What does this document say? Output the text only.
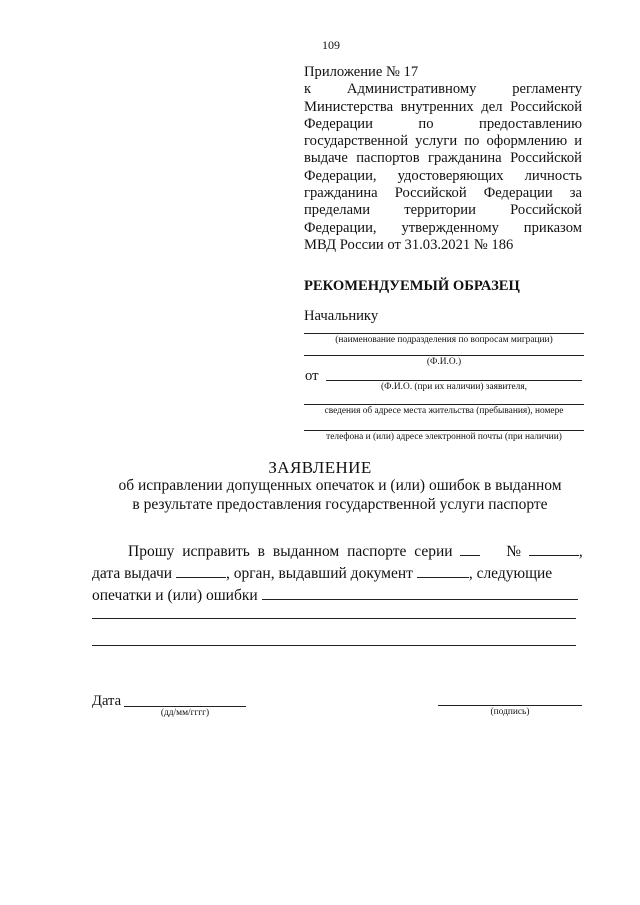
109
Приложение № 17
к Административному регламенту
Министерства внутренних дел Российской
Федерации по предоставлению
государственной услуги по оформлению и
выдаче паспортов гражданина Российской
Федерации, удостоверяющих личность
гражданина Российской Федерации за
пределами территории Российской
Федерации, утвержденному приказом
МВД России от 31.03.2021 № 186
РЕКОМЕНДУЕМЫЙ ОБРАЗЕЦ
Начальнику
(наименование подразделения по вопросам миграции)
(Ф.И.О.)
от
(Ф.И.О. (при их наличии) заявителя,
сведения об адресе места жительства (пребывания), номере
телефона и (или) адресе электронной почты (при наличии)
ЗАЯВЛЕНИЕ
об исправлении допущенных опечаток и (или) ошибок в выданном
в результате предоставления государственной услуги паспорте
Прошу исправить в выданном паспорте серии	№	,
дата выдачи	, орган, выдавший документ	, следующие
опечатки и (или) ошибки
Дата
(дд/мм/гггг)	(подпись)
